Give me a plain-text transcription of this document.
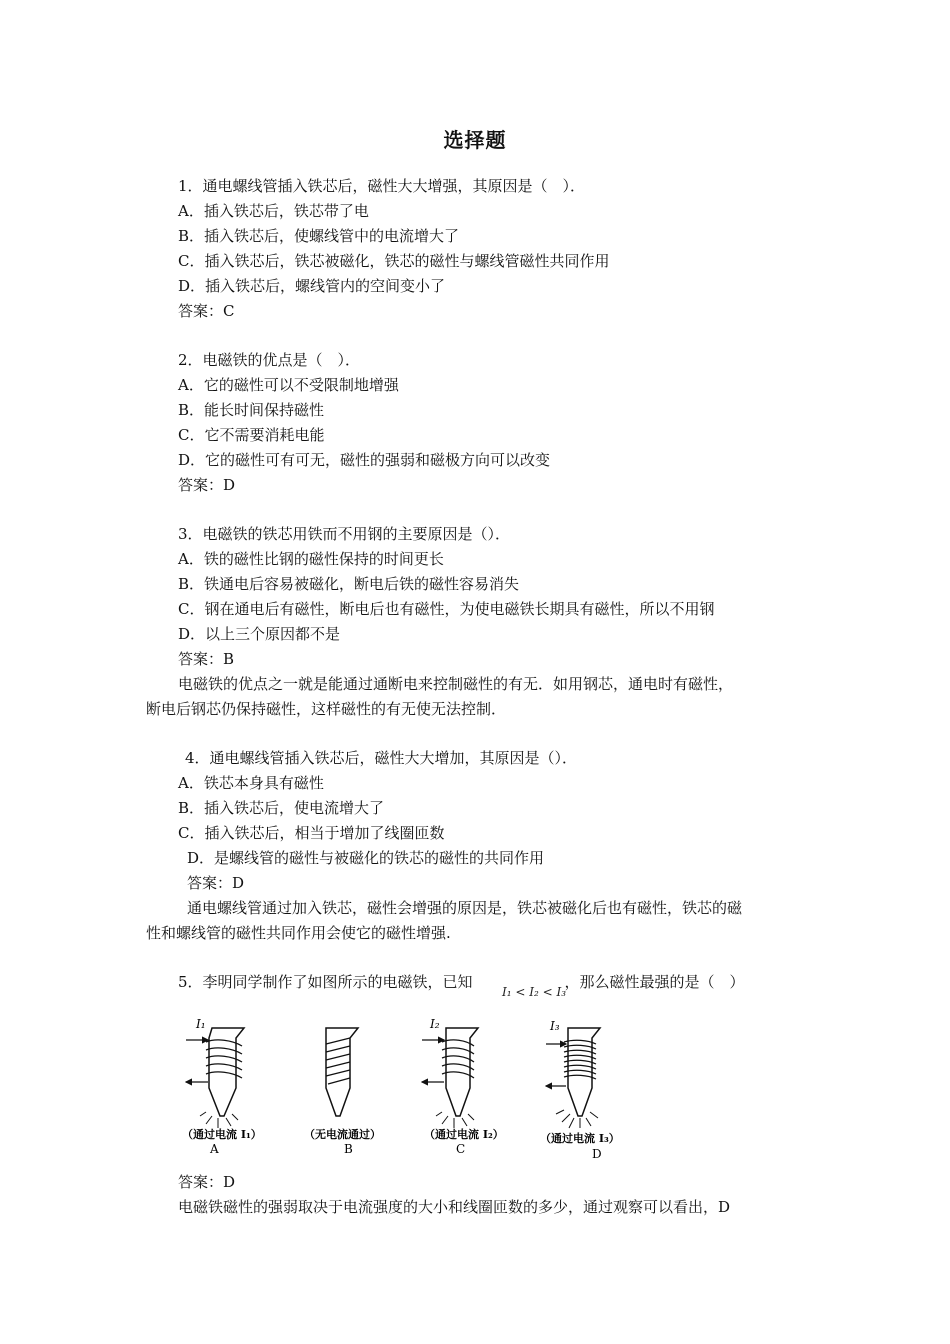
选择题
1．通电螺线管插入铁芯后，磁性大大增强，其原因是（　）．
A．插入铁芯后，铁芯带了电
B．插入铁芯后，使螺线管中的电流增大了
C．插入铁芯后，铁芯被磁化，铁芯的磁性与螺线管磁性共同作用
D．插入铁芯后，螺线管内的空间变小了
答案：C
2．电磁铁的优点是（　）．
A．它的磁性可以不受限制地增强
B．能长时间保持磁性
C．它不需要消耗电能
D．它的磁性可有可无，磁性的强弱和磁极方向可以改变
答案：D
3．电磁铁的铁芯用铁而不用钢的主要原因是（）．
A．铁的磁性比钢的磁性保持的时间更长
B．铁通电后容易被磁化，断电后铁的磁性容易消失
C．钢在通电后有磁性，断电后也有磁性，为使电磁铁长期具有磁性，所以不用钢
D．以上三个原因都不是
答案：B
电磁铁的优点之一就是能通过通断电来控制磁性的有无．如用钢芯，通电时有磁性，
断电后钢芯仍保持磁性，这样磁性的有无使无法控制．
4．通电螺线管插入铁芯后，磁性大大增加，其原因是（）．
A．铁芯本身具有磁性
B．插入铁芯后，使电流增大了
C．插入铁芯后，相当于增加了线圈匝数
D．是螺线管的磁性与被磁化的铁芯的磁性的共同作用
答案：D
通电螺线管通过加入铁芯，磁性会增强的原因是，铁芯被磁化后也有磁性，铁芯的磁
性和螺线管的磁性共同作用会使它的磁性增强.
5．李明同学制作了如图所示的电磁铁，已知	，那么磁性最强的是（　）
I₁ < I₂ < I₃
I₁
（通过电流 I₁）
A
（无电流通过）
B
I₂
（通过电流 I₂）
C
I₃
（通过电流 I₃）
D
答案：D
电磁铁磁性的强弱取决于电流强度的大小和线圈匝数的多少，通过观察可以看出，D
